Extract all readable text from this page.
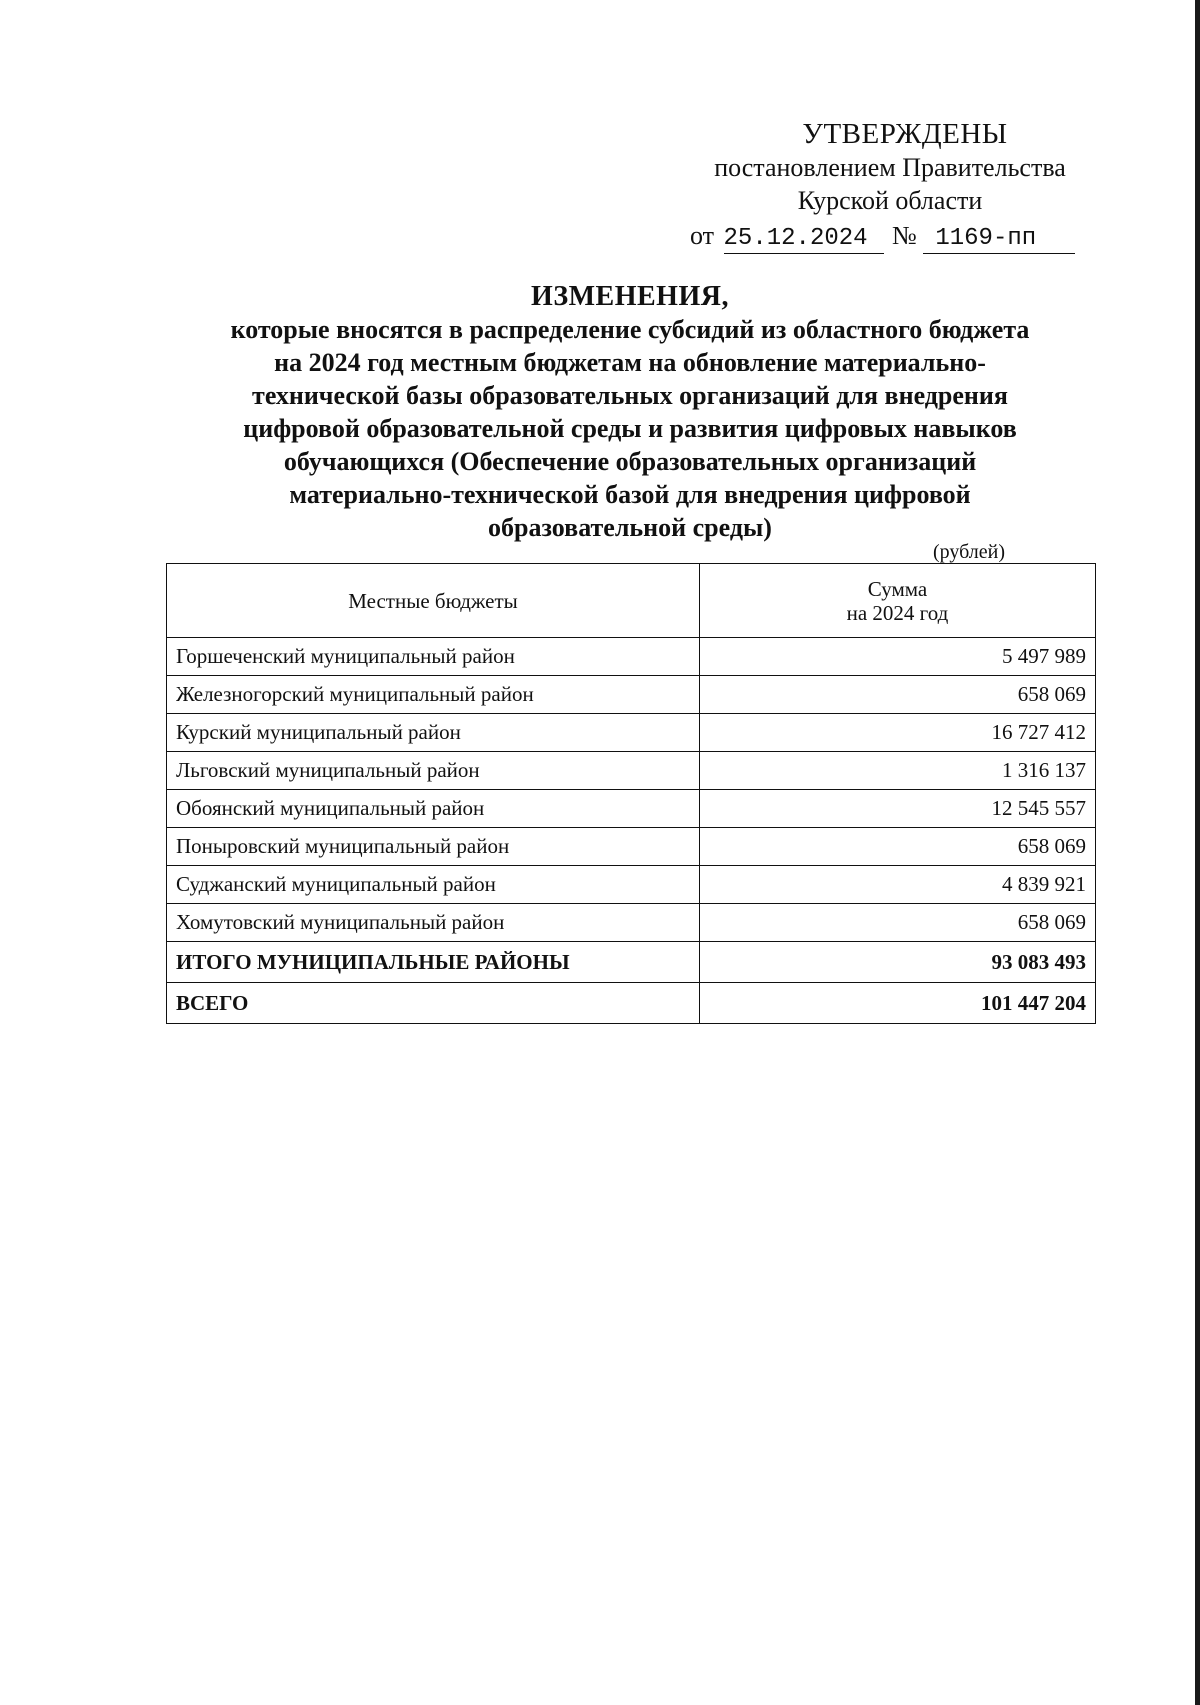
УТВЕРЖДЕНЫ
постановлением Правительства
Курской области
от 25.12.2024 № 1169-пп
ИЗМЕНЕНИЯ,
которые вносятся в распределение субсидий из областного бюджета
на 2024 год местным бюджетам на обновление материально-
технической базы образовательных организаций для внедрения
цифровой образовательной среды и развития цифровых навыков
обучающихся (Обеспечение образовательных организаций
материально-технической базой для внедрения цифровой
образовательной среды)
(рублей)
Местные бюджеты	Сумма
на 2024 год

Горшеченский муниципальный район	5 497 989
Железногорский муниципальный район	658 069
Курский муниципальный район	16 727 412
Льговский муниципальный район	1 316 137
Обоянский муниципальный район	12 545 557
Поныровский муниципальный район	658 069
Суджанский муниципальный район	4 839 921
Хомутовский муниципальный район	658 069
ИТОГО МУНИЦИПАЛЬНЫЕ РАЙОНЫ	93 083 493
ВСЕГО	101 447 204
